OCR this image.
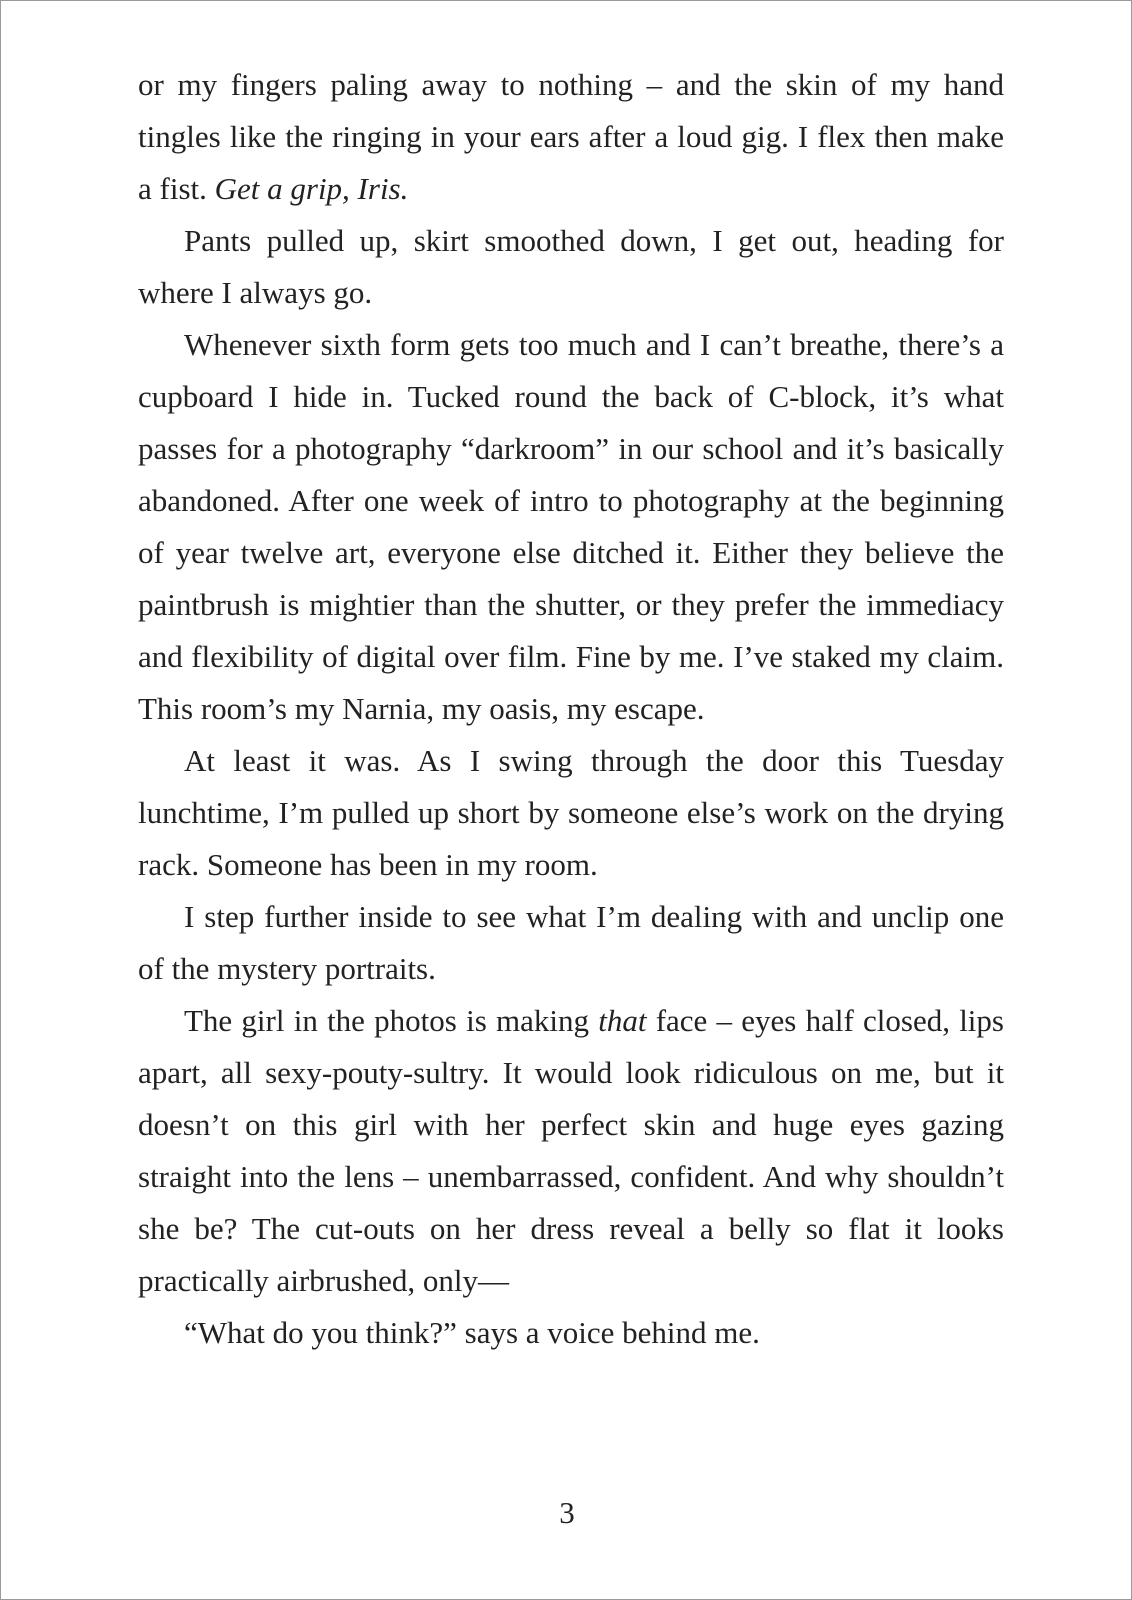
or my fingers paling away to nothing – and the skin of my hand tingles like the ringing in your ears after a loud gig. I flex then make a fist. Get a grip, Iris.

Pants pulled up, skirt smoothed down, I get out, heading for where I always go.

Whenever sixth form gets too much and I can’t breathe, there’s a cupboard I hide in. Tucked round the back of C-block, it’s what passes for a photography “darkroom” in our school and it’s basically abandoned. After one week of intro to photography at the beginning of year twelve art, everyone else ditched it. Either they believe the paintbrush is mightier than the shutter, or they prefer the immediacy and flexibility of digital over film. Fine by me. I’ve staked my claim. This room’s my Narnia, my oasis, my escape.

At least it was. As I swing through the door this Tuesday lunchtime, I’m pulled up short by someone else’s work on the drying rack. Someone has been in my room.

I step further inside to see what I’m dealing with and unclip one of the mystery portraits.

The girl in the photos is making that face – eyes half closed, lips apart, all sexy-pouty-sultry. It would look ridiculous on me, but it doesn’t on this girl with her perfect skin and huge eyes gazing straight into the lens – unembarrassed, confident. And why shouldn’t she be? The cut-outs on her dress reveal a belly so flat it looks practically airbrushed, only—

“What do you think?” says a voice behind me.

3
